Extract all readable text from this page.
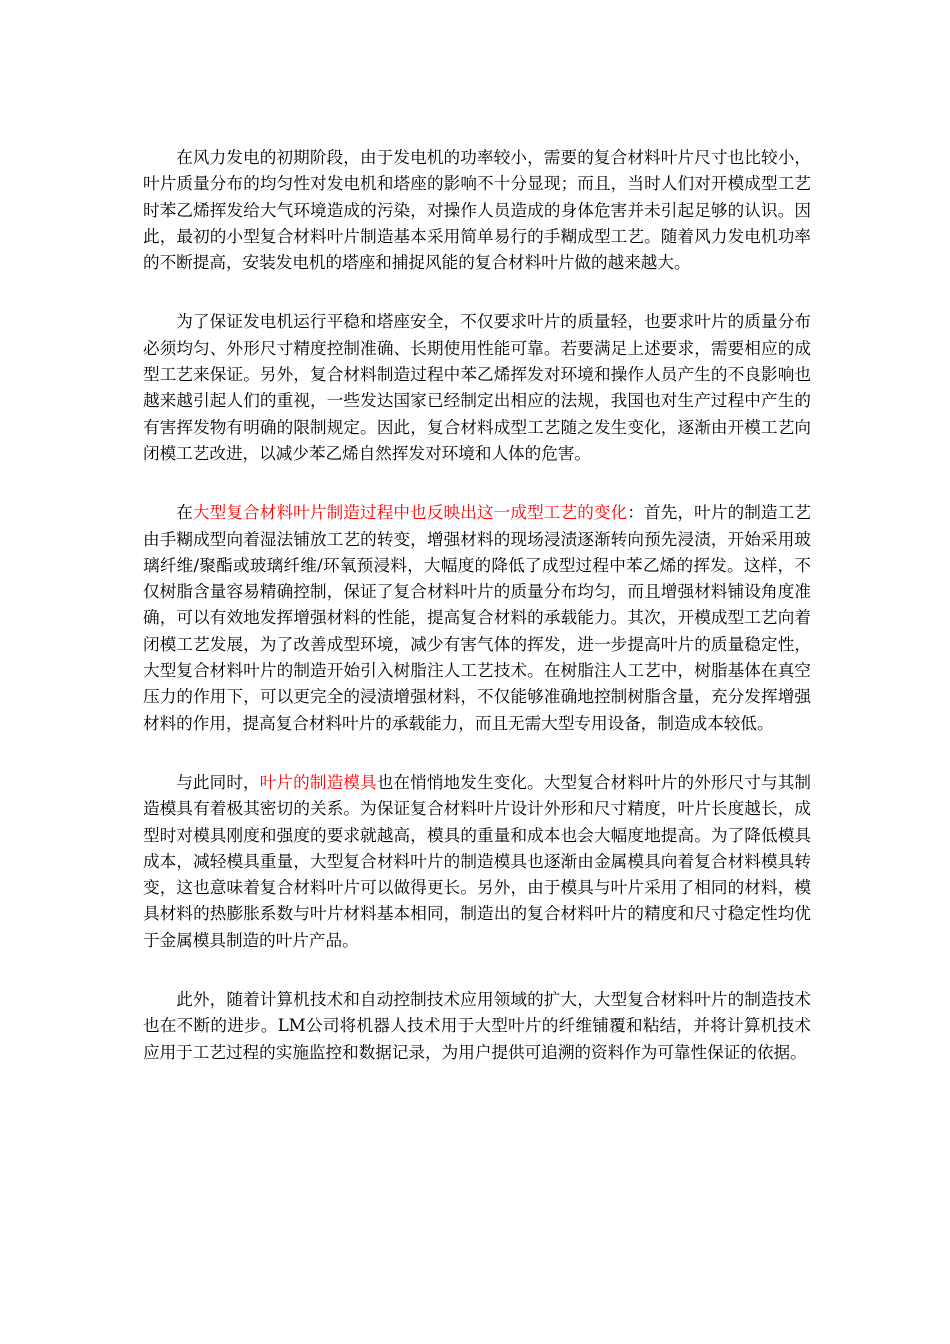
在风力发电的初期阶段，由于发电机的功率较小，需要的复合材料叶片尺寸也比较小，叶片质量分布的均匀性对发电机和塔座的影响不十分显现；而且，当时人们对开模成型工艺时苯乙烯挥发给大气环境造成的污染，对操作人员造成的身体危害并未引起足够的认识。因此，最初的小型复合材料叶片制造基本采用简单易行的手糊成型工艺。随着风力发电机功率的不断提高，安装发电机的塔座和捕捉风能的复合材料叶片做的越来越大。

为了保证发电机运行平稳和塔座安全，不仅要求叶片的质量轻，也要求叶片的质量分布必须均匀、外形尺寸精度控制准确、长期使用性能可靠。若要满足上述要求，需要相应的成型工艺来保证。另外，复合材料制造过程中苯乙烯挥发对环境和操作人员产生的不良影响也越来越引起人们的重视，一些发达国家已经制定出相应的法规，我国也对生产过程中产生的有害挥发物有明确的限制规定。因此，复合材料成型工艺随之发生变化，逐渐由开模工艺向闭模工艺改进，以减少苯乙烯自然挥发对环境和人体的危害。

在大型复合材料叶片制造过程中也反映出这一成型工艺的变化：首先，叶片的制造工艺由手糊成型向着湿法铺放工艺的转变，增强材料的现场浸渍逐渐转向预先浸渍，开始采用玻璃纤维/聚酯或玻璃纤维/环氧预浸料，大幅度的降低了成型过程中苯乙烯的挥发。这样，不仅树脂含量容易精确控制，保证了复合材料叶片的质量分布均匀，而且增强材料铺设角度准确，可以有效地发挥增强材料的性能，提高复合材料的承载能力。其次，开模成型工艺向着闭模工艺发展，为了改善成型环境，减少有害气体的挥发，进一步提高叶片的质量稳定性，大型复合材料叶片的制造开始引入树脂注人工艺技术。在树脂注人工艺中，树脂基体在真空压力的作用下，可以更完全的浸渍增强材料，不仅能够准确地控制树脂含量，充分发挥增强材料的作用，提高复合材料叶片的承载能力，而且无需大型专用设备，制造成本较低。

与此同时，叶片的制造模具也在悄悄地发生变化。大型复合材料叶片的外形尺寸与其制造模具有着极其密切的关系。为保证复合材料叶片设计外形和尺寸精度，叶片长度越长，成型时对模具刚度和强度的要求就越高，模具的重量和成本也会大幅度地提高。为了降低模具成本，减轻模具重量，大型复合材料叶片的制造模具也逐渐由金属模具向着复合材料模具转变，这也意味着复合材料叶片可以做得更长。另外，由于模具与叶片采用了相同的材料，模具材料的热膨胀系数与叶片材料基本相同，制造出的复合材料叶片的精度和尺寸稳定性均优于金属模具制造的叶片产品。

此外，随着计算机技术和自动控制技术应用领域的扩大，大型复合材料叶片的制造技术也在不断的进步。LM公司将机器人技术用于大型叶片的纤维铺覆和粘结，并将计算机技术应用于工艺过程的实施监控和数据记录，为用户提供可追溯的资料作为可靠性保证的依据。
